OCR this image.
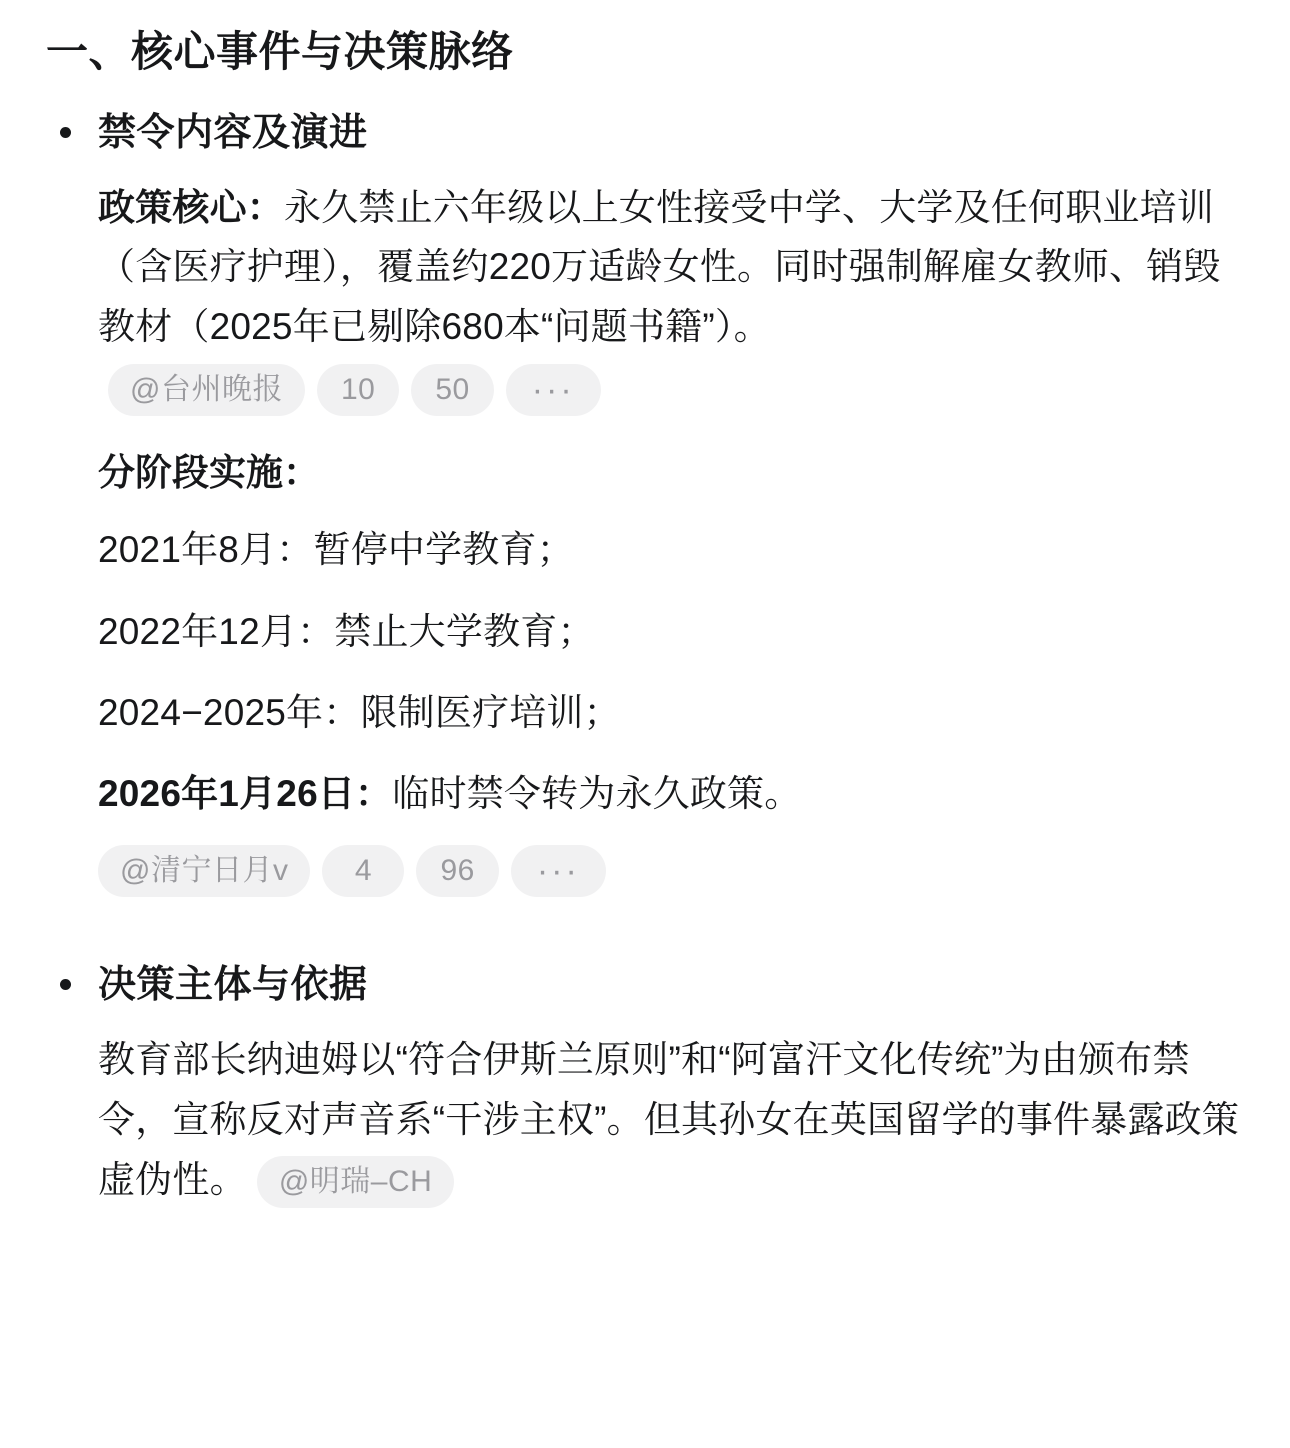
一、核心事件与决策脉络
禁令内容及演进

政策核心：永久禁止六年级以上女性接受中学、大学及任何职业培训（含医疗护理），覆盖约220万适龄女性。同时强制解雇女教师、销毁教材（2025年已剔除680本“问题书籍”）。
@台州晚报	10	50	···

分阶段实施：
2021年8月：暂停中学教育；
2022年12月：禁止大学教育；
2024−2025年：限制医疗培训；
2026年1月26日：临时禁令转为永久政策。
@清宁日月v	4	96	···
决策主体与依据

教育部长纳迪姆以“符合伊斯兰原则”和“阿富汗文化传统”为由颁布禁令，宣称反对声音系“干涉主权”。但其孙女在英国留学的事件暴露政策虚伪性。	@明瑞–CH
